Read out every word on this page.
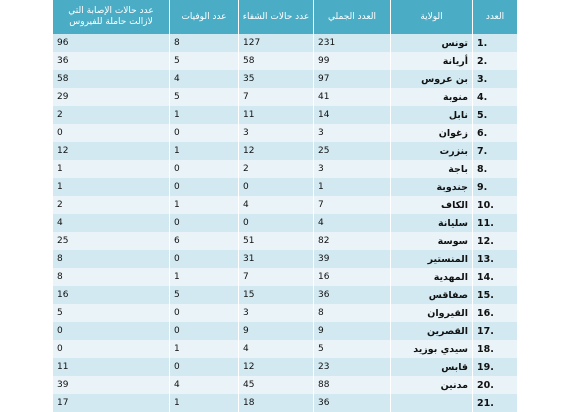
عدد حالات الإصابة التي لازالت حاملة للفيروس	عدد الوفيات	عدد حالات الشفاء	العدد الجملي	الولاية	العدد
96	8	127	231	تونس	1.
36	5	58	99	أريانة	2.
58	4	35	97	بن عروس	3.
29	5	7	41	منوبة	4.
2	1	11	14	نابل	5.
0	0	3	3	زغوان	6.
12	1	12	25	بنزرت	7.
1	0	2	3	باجة	8.
1	0	0	1	جندوبة	9.
2	1	4	7	الكاف	10.
4	0	0	4	سليانة	11.
25	6	51	82	سوسة	12.
8	0	31	39	المنستير	13.
8	1	7	16	المهدية	14.
16	5	15	36	صفاقس	15.
5	0	3	8	القيروان	16.
0	0	9	9	القصرين	17.
0	1	4	5	سيدي بوزيد	18.
11	0	12	23	قابس	19.
39	4	45	88	مدنين	20.
17	1	18	36		21.
